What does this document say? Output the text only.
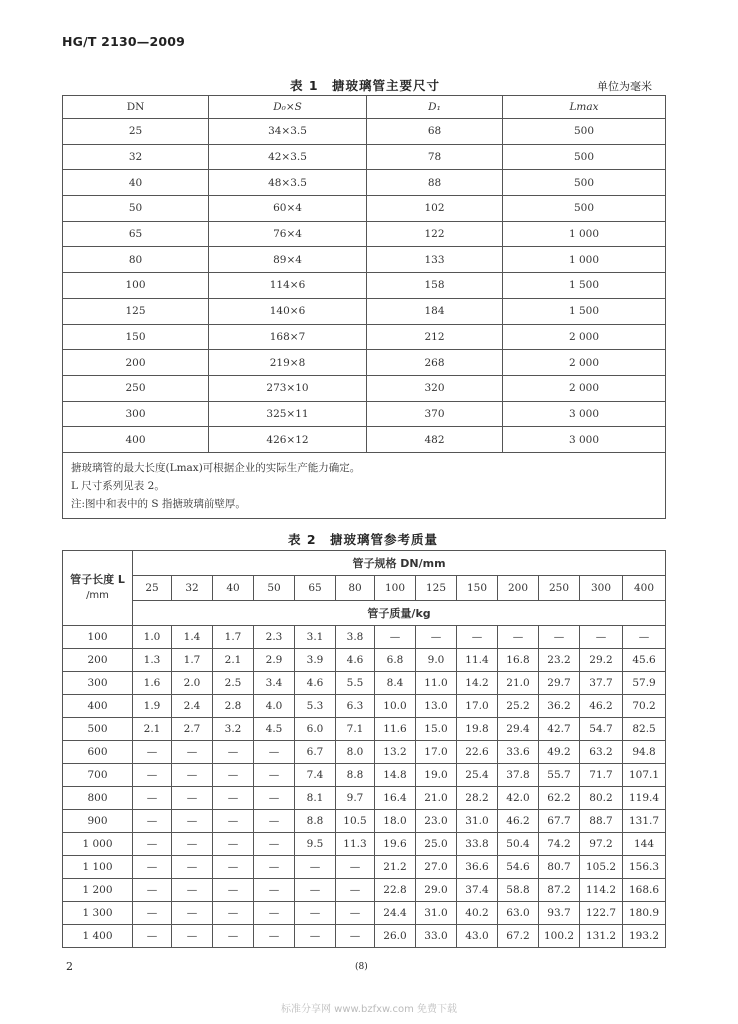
HG/T 2130—2009
表 1　搪玻璃管主要尺寸	单位为毫米
DN	D₀×S	D₁	Lmax
25	34×3.5	68	500
32	42×3.5	78	500
40	48×3.5	88	500
50	60×4	102	500
65	76×4	122	1 000
80	89×4	133	1 000
100	114×6	158	1 500
125	140×6	184	1 500
150	168×7	212	2 000
200	219×8	268	2 000
250	273×10	320	2 000
300	325×11	370	3 000
400	426×12	482	3 000

搪玻璃管的最大长度(Lmax)可根据企业的实际生产能力确定。
L 尺寸系列见表 2。
注:图中和表中的 S 指搪玻璃前壁厚。			
表 2　搪玻璃管参考质量
管子长度 L
/mm	管子规格 DN/mm												
	25	32	40	50	65	80	100	125	150	200	250	300	400
	管子质量/kg												
100	1.0	1.4	1.7	2.3	3.1	3.8	—	—	—	—	—	—	—
200	1.3	1.7	2.1	2.9	3.9	4.6	6.8	9.0	11.4	16.8	23.2	29.2	45.6
300	1.6	2.0	2.5	3.4	4.6	5.5	8.4	11.0	14.2	21.0	29.7	37.7	57.9
400	1.9	2.4	2.8	4.0	5.3	6.3	10.0	13.0	17.0	25.2	36.2	46.2	70.2
500	2.1	2.7	3.2	4.5	6.0	7.1	11.6	15.0	19.8	29.4	42.7	54.7	82.5
600	—	—	—	—	6.7	8.0	13.2	17.0	22.6	33.6	49.2	63.2	94.8
700	—	—	—	—	7.4	8.8	14.8	19.0	25.4	37.8	55.7	71.7	107.1
800	—	—	—	—	8.1	9.7	16.4	21.0	28.2	42.0	62.2	80.2	119.4
900	—	—	—	—	8.8	10.5	18.0	23.0	31.0	46.2	67.7	88.7	131.7
1 000	—	—	—	—	9.5	11.3	19.6	25.0	33.8	50.4	74.2	97.2	144
1 100	—	—	—	—	—	—	21.2	27.0	36.6	54.6	80.7	105.2	156.3
1 200	—	—	—	—	—	—	22.8	29.0	37.4	58.8	87.2	114.2	168.6
1 300	—	—	—	—	—	—	24.4	31.0	40.2	63.0	93.7	122.7	180.9
1 400	—	—	—	—	—	—	26.0	33.0	43.0	67.2	100.2	131.2	193.2
2	(8)
标准分享网 www.bzfxw.com 免费下载
